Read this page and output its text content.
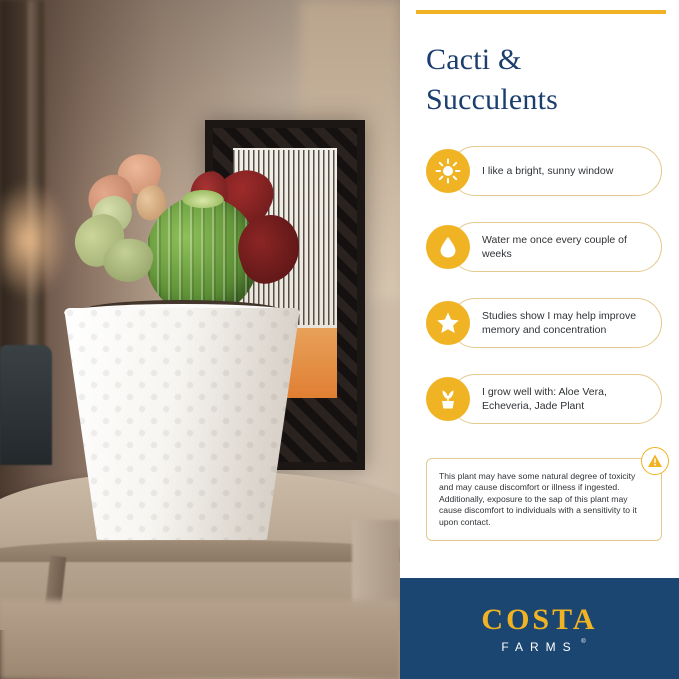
Cacti &
Succulents
I like a bright, sunny window
Water me once every couple of weeks
Studies show I may help improve memory and concentration
I grow well with: Aloe Vera, Echeveria, Jade Plant
This plant may have some natural degree of toxicity and may cause discomfort or illness if ingested. Additionally, exposure to the sap of this plant may cause discomfort to individuals with a sensitivity to it upon contact.
COSTA
FARMS ®
